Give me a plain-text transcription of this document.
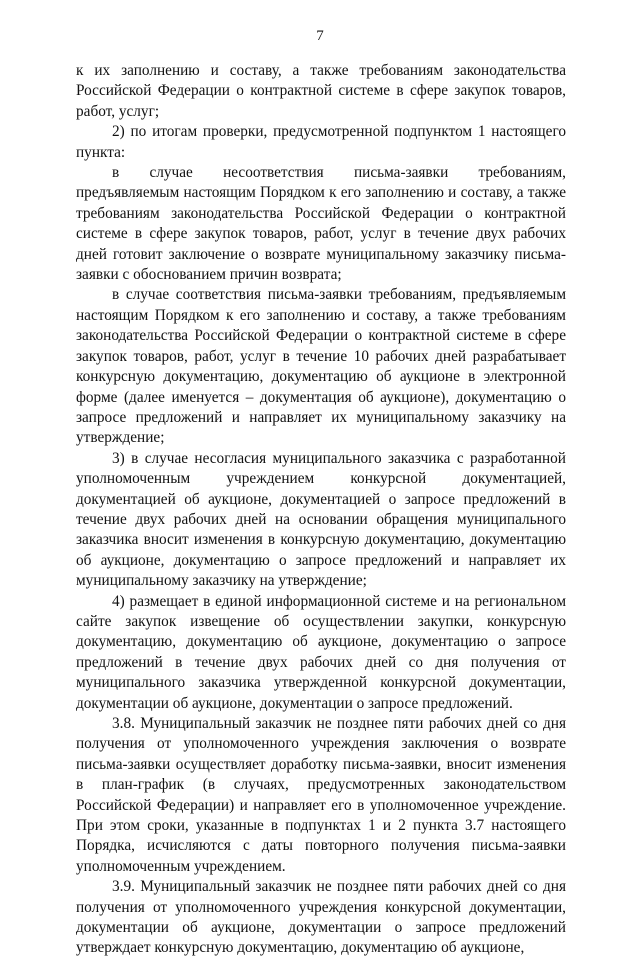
7

к их заполнению и составу, а также требованиям законодательства Российской Федерации о контрактной системе в сфере закупок товаров, работ, услуг;

2) по итогам проверки, предусмотренной подпунктом 1 настоящего пункта:

в случае несоответствия письма-заявки требованиям, предъявляемым настоящим Порядком к его заполнению и составу, а также требованиям законодательства Российской Федерации о контрактной системе в сфере закупок товаров, работ, услуг в течение двух рабочих дней готовит заключение о возврате муниципальному заказчику письма-заявки с обоснованием причин возврата;

в случае соответствия письма-заявки требованиям, предъявляемым настоящим Порядком к его заполнению и составу, а также требованиям законодательства Российской Федерации о контрактной системе в сфере закупок товаров, работ, услуг в течение 10 рабочих дней разрабатывает конкурсную документацию, документацию об аукционе в электронной форме (далее именуется – документация об аукционе), документацию о запросе предложений и направляет их муниципальному заказчику на утверждение;

3) в случае несогласия муниципального заказчика с разработанной уполномоченным учреждением конкурсной документацией, документацией об аукционе, документацией о запросе предложений в течение двух рабочих дней на основании обращения муниципального заказчика вносит изменения в конкурсную документацию, документацию об аукционе, документацию о запросе предложений и направляет их муниципальному заказчику на утверждение;

4) размещает в единой информационной системе и на региональном сайте закупок извещение об осуществлении закупки, конкурсную документацию, документацию об аукционе, документацию о запросе предложений в течение двух рабочих дней со дня получения от муниципального заказчика утвержденной конкурсной документации, документации об аукционе, документации о запросе предложений.

3.8. Муниципальный заказчик не позднее пяти рабочих дней со дня получения от уполномоченного учреждения заключения о возврате письма-заявки осуществляет доработку письма-заявки, вносит изменения в план-график (в случаях, предусмотренных законодательством Российской Федерации) и направляет его в уполномоченное учреждение. При этом сроки, указанные в подпунктах 1 и 2 пункта 3.7 настоящего Порядка, исчисляются с даты повторного получения письма-заявки уполномоченным учреждением.

3.9. Муниципальный заказчик не позднее пяти рабочих дней со дня получения от уполномоченного учреждения конкурсной документации, документации об аукционе, документации о запросе предложений утверждает конкурсную документацию, документацию об аукционе,
